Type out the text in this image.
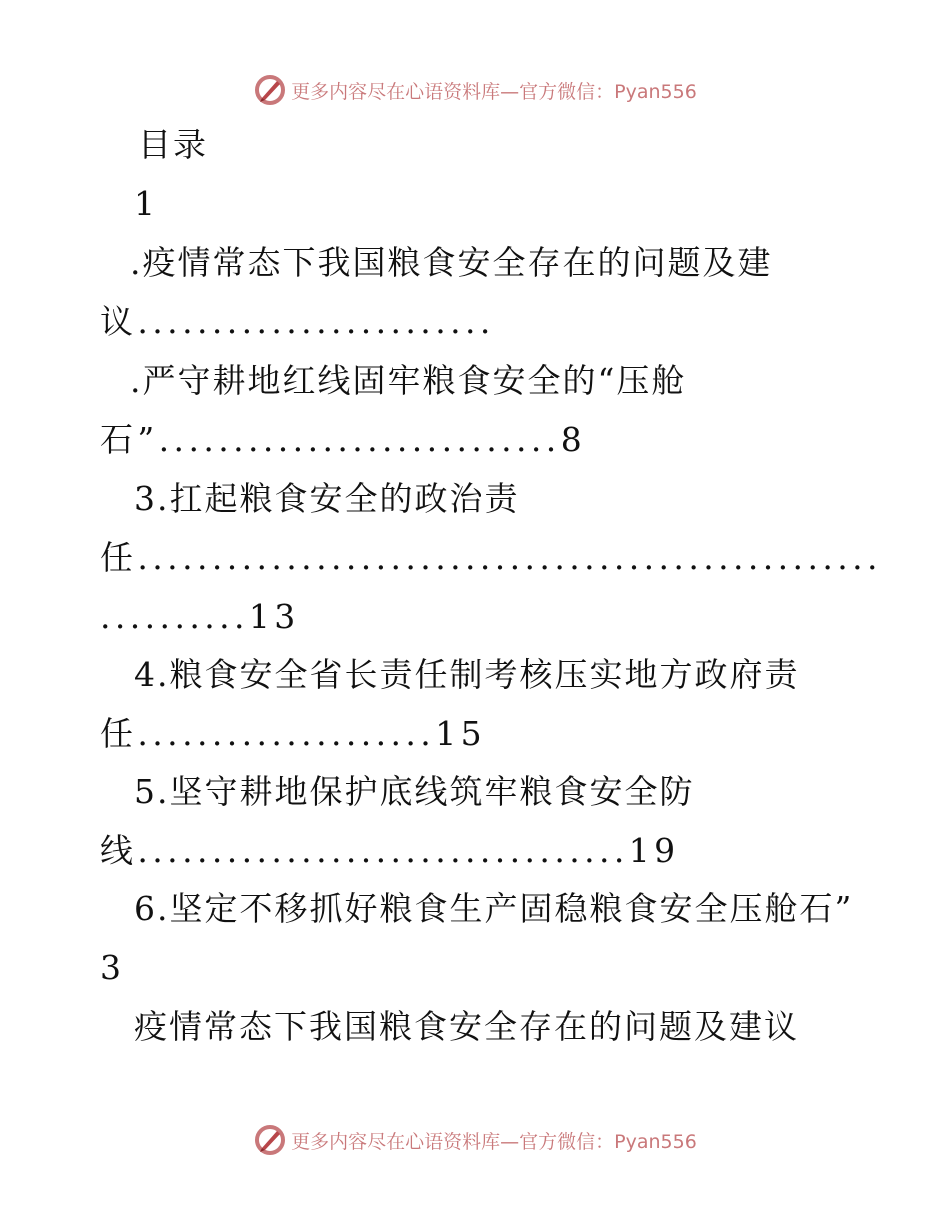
更多内容尽在心语资料库—官方微信：Pyan556
目录
1
.疫情常态下我国粮食安全存在的问题及建
议........................
.严守耕地红线固牢粮食安全的“压舱
石”...........................8
3.扛起粮食安全的政治责
任..................................................
..........13
4.粮食安全省长责任制考核压实地方政府责
任....................15
5.坚守耕地保护底线筑牢粮食安全防
线.................................19
6.坚定不移抓好粮食生产固稳粮食安全压舱石”
3
疫情常态下我国粮食安全存在的问题及建议
更多内容尽在心语资料库—官方微信：Pyan556
